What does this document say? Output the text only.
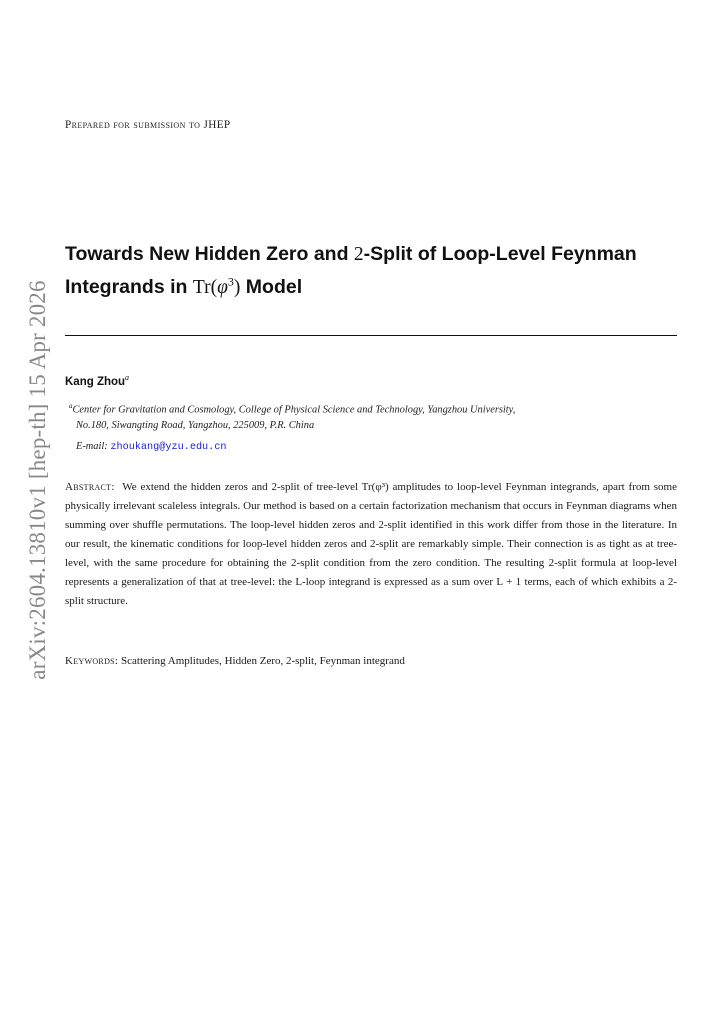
Prepared for submission to JHEP
Towards New Hidden Zero and 2-Split of Loop-Level Feynman
Integrands in $Tr(\varphi^3)$ Model
Kang Zhou$^a$
$^a$Center for Gravitation and Cosmology, College of Physical Science and Technology, Yangzhou University,
No.180, Siwangting Road, Yangzhou, 225009, P.R. China
E-mail: zhoukang@yzu.edu.cn
Abstract: We extend the hidden zeros and 2-split of tree-level Tr(φ³) amplitudes to loop-level Feynman integrands, apart from some physically irrelevant scaleless integrals. Our method is based on a certain factorization mechanism that occurs in Feynman diagrams when summing over shuffle permutations. The loop-level hidden zeros and 2-split identified in this work differ from those in the literature. In our result, the kinematic conditions for loop-level hidden zeros and 2-split are remarkably simple. Their connection is as tight as at tree-level, with the same procedure for obtaining the 2-split condition from the zero condition. The resulting 2-split formula at loop-level represents a generalization of that at tree-level: the L-loop integrand is expressed as a sum over L + 1 terms, each of which exhibits a 2-split structure.
Keywords: Scattering Amplitudes, Hidden Zero, 2-split, Feynman integrand
arXiv:2604.13810v1 [hep-th] 15 Apr 2026
